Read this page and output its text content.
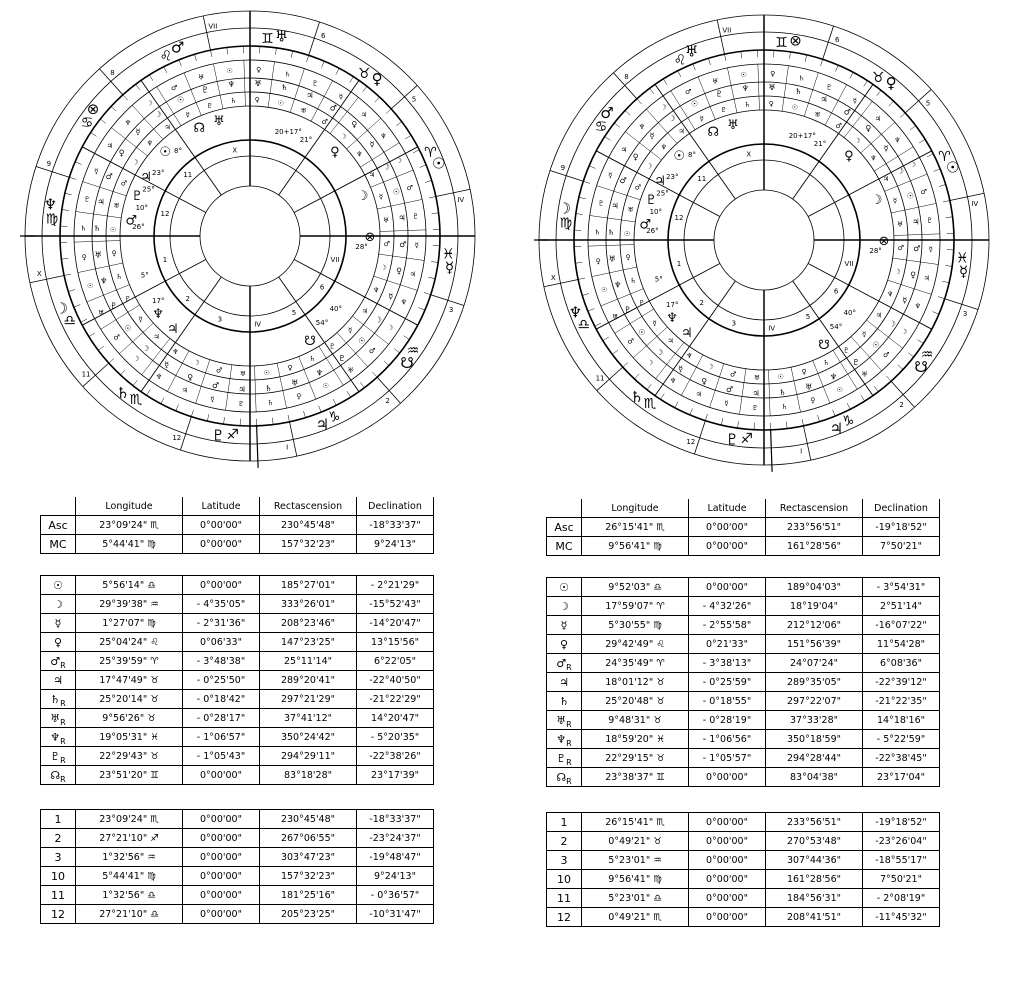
VII
8
9
X
11
12
I
2
3
IV
5
6
♌
♋
♍
♎
♏
♐
♑
♒
♓
♈
♉
♊ ♅
♂
⊗
♆
☽
♄
♇
♃
☋
☿
☉
♀
☉
☿
♂
☽
♃
☽
☿
♆
♆
♀
☽
♃
♂
♂
☿
♃
♅
♇
♄
☉
♄
♅
♀
♀
♆
♄
☉
♇
♇
♅
☉
☿
♂
☽
♃
☽
☿
♆
♆
♀
☽
♃
♂
♂
☿
♃ ♅
♇
♄ ☉
♄
♅ ♀
♀
♆ ♄
☉
♇
♇
♅
☉
☿
♂
☽
♃
☽
☿
♆
♆	♀
☽
♃
♂
♂
☿
♃
♅
♇
♄
☉
♄
♅
♀
♀
♆
♄
☉
♇
♇
♅
☉
☿
♂
☽
♃
☽
☿
♆
♆
♀
☽
♃
♂
♂	☿
♃
♅	♇
VII
1
2
3
IV
5
6
12
11
X
23°
25°
10°
26°
5°
17°
20+17°
21°
28°
8°
40°
54°
☉
☊ ♅
♃
♇
♂
♆
♃
☋
⊗
☽
♀
VII
8
9
X
11
12
I
2
3
IV
5
6
♌
♋
♍
♎
♏
♐
♑
♒
♓
♈
♉
♊ ⊗
♅
♂
☽
♆
♄
♇
♃
☋
☿
☉
♀
☉
☿
♂
☽
♃
☽
☿
♆
♆
♀
☽
♃
♂
♂
☿
♃
♅
♇
♄
☉
♄
♅
♀
♀
♆
♄
☉
♇
♇
♅
☉
☿
♂
☽
♃
☽
☿
♆
♆
♀
☽
♃
♂
♂
☿
♃ ♅
♇
♄ ☉
♄
♅ ♀
♀
♆ ♄
☉
♇
♇
♅
☉
☿
♂
☽
♃
☽
☿
♆
♆	♀
☽
♃
♂
♂
☿
♃
♅
♇
♄
☉
♄
♅
♀
♀
♆
♄
☉
♇
♇
♅
☉
☿
♂
☽
♃
☽
☿
♆
♆
♀
☽
♃
♂
♂	☿
♃
♅	♇
VII
1
2
3
IV
5
6
12
11
X
23°
25°
10°
26°
5°
17°
20+17°
21°
28°
8°
40°
54°
☉
☊ ♅
♃
♇
♂
♆
♃
☋
⊗
☽
♀
	Longitude	Latitude	Rectascension	Declination
Asc	23°09'24" ♏	0°00'00"	230°45'48"	-18°33'37"
MC	5°44'41" ♍	0°00'00"	157°32'23"	9°24'13"
☉	5°56'14" ♎	0°00'00"	185°27'01"	- 2°21'29"
☽	29°39'38" ♒	- 4°35'05"	333°26'01"	-15°52'43"
☿	1°27'07" ♍	- 2°31'36"	208°23'46"	-14°20'47"
♀	25°04'24" ♌	0°06'33"	147°23'25"	13°15'56"
$♂_R$	25°39'59" ♈	- 3°48'38"	25°11'14"	6°22'05"
♃	17°47'49" ♉	- 0°25'50"	289°20'41"	-22°40'50"
$♄_R$	25°20'14" ♉	- 0°18'42"	297°21'29"	-21°22'29"
$♅_R$	9°56'26" ♉	- 0°28'17"	37°41'12"	14°20'47"
$♆_R$	19°05'31" ♓	- 1°06'57"	350°24'42"	- 5°20'35"
$♇_R$	22°29'43" ♉	- 1°05'43"	294°29'11"	-22°38'26"
$☊_R$	23°51'20" ♊	0°00'00"	83°18'28"	23°17'39"
1	23°09'24" ♏	0°00'00"	230°45'48"	-18°33'37"
2	27°21'10" ♐	0°00'00"	267°06'55"	-23°24'37"
3	1°32'56" ♒	0°00'00"	303°47'23"	-19°48'47"
10	5°44'41" ♍	0°00'00"	157°32'23"	9°24'13"
11	1°32'56" ♎	0°00'00"	181°25'16"	- 0°36'57"
12	27°21'10" ♎	0°00'00"	205°23'25"	-10°31'47"
	Longitude	Latitude	Rectascension	Declination
Asc	26°15'41" ♏	0°00'00"	233°56'51"	-19°18'52"
MC	9°56'41" ♍	0°00'00"	161°28'56"	7°50'21"
☉	9°52'03" ♎	0°00'00"	189°04'03"	- 3°54'31"
☽	17°59'07" ♈	- 4°32'26"	18°19'04"	2°51'14"
☿	5°30'55" ♍	- 2°55'58"	212°12'06"	-16°07'22"
♀	29°42'49" ♌	0°21'33"	151°56'39"	11°54'28"
$♂_R$	24°35'49" ♈	- 3°38'13"	24°07'24"	6°08'36"
♃	18°01'12" ♉	- 0°25'59"	289°35'05"	-22°39'12"
♄	25°20'48" ♉	- 0°18'55"	297°22'07"	-21°22'35"
$♅_R$	9°48'31" ♉	- 0°28'19"	37°33'28"	14°18'16"
$♆_R$	18°59'20" ♓	- 1°06'56"	350°18'59"	- 5°22'59"
$♇_R$	22°29'15" ♉	- 1°05'57"	294°28'44"	-22°38'45"
$☊_R$	23°38'37" ♊	0°00'00"	83°04'38"	23°17'04"
1	26°15'41" ♏	0°00'00"	233°56'51"	-19°18'52"
2	0°49'21" ♉	0°00'00"	270°53'48"	-23°26'04"
3	5°23'01" ♒	0°00'00"	307°44'36"	-18°55'17"
10	9°56'41" ♍	0°00'00"	161°28'56"	7°50'21"
11	5°23'01" ♎	0°00'00"	184°56'31"	- 2°08'19"
12	0°49'21" ♏	0°00'00"	208°41'51"	-11°45'32"
